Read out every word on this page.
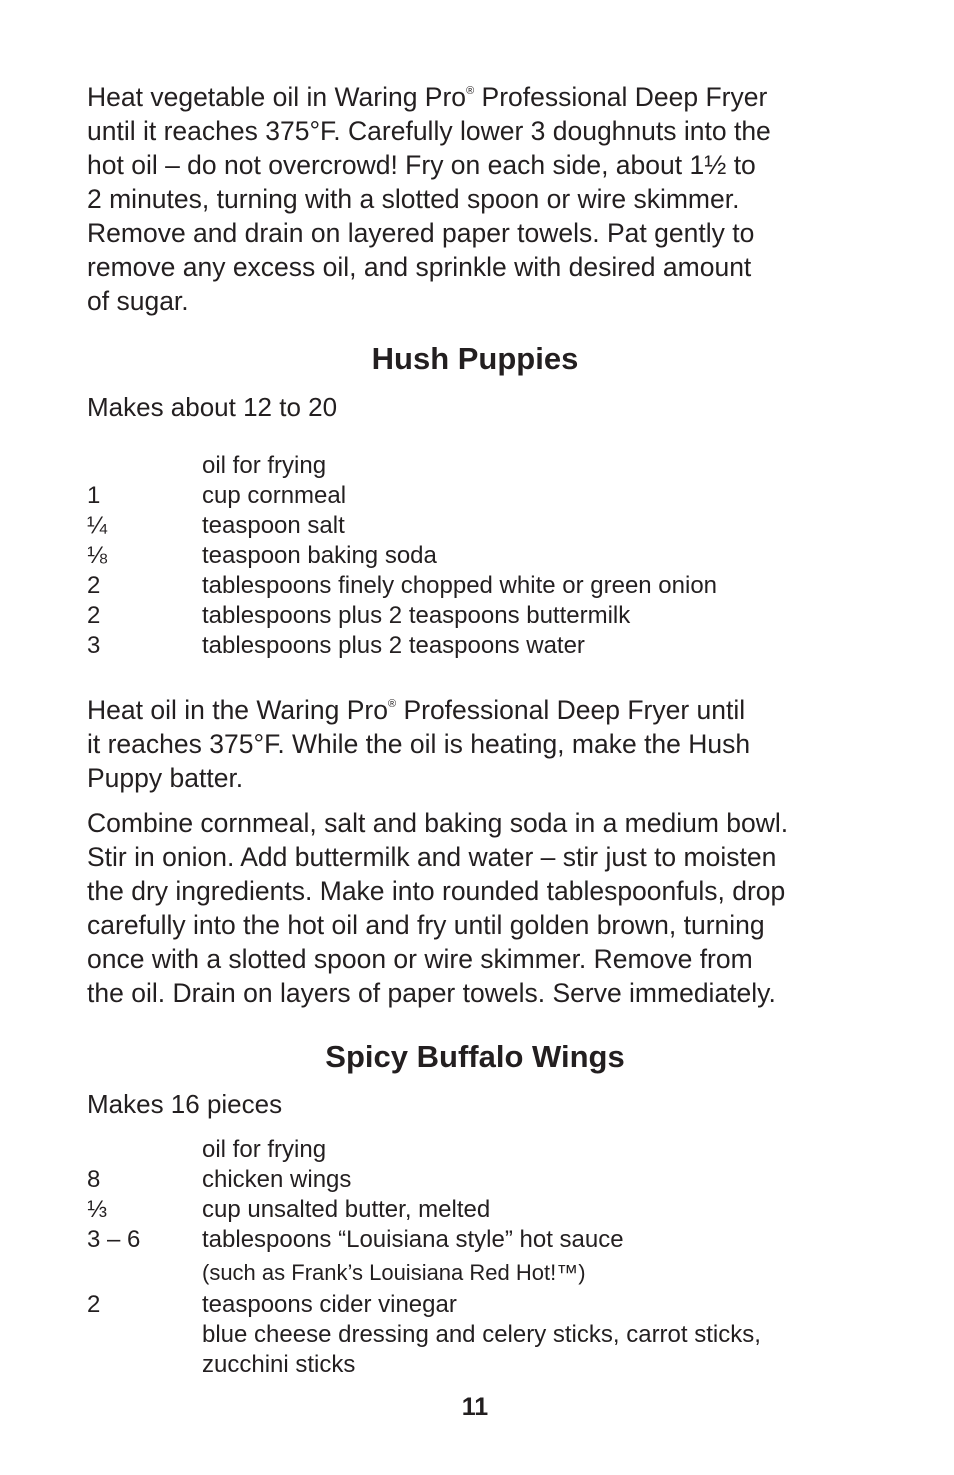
Heat vegetable oil in Waring Pro® Professional Deep Fryer
until it reaches 375°F. Carefully lower 3 doughnuts into the
hot oil – do not overcrowd! Fry on each side, about 1½ to
2 minutes, turning with a slotted spoon or wire skimmer.
Remove and drain on layered paper towels. Pat gently to
remove any excess oil, and sprinkle with desired amount
of sugar.

Hush Puppies

Makes about 12 to 20

oil for frying
1	cup cornmeal
¼	teaspoon salt
⅛	teaspoon baking soda
2	tablespoons finely chopped white or green onion
2	tablespoons plus 2 teaspoons buttermilk
3	tablespoons plus 2 teaspoons water

Heat oil in the Waring Pro® Professional Deep Fryer until
it reaches 375°F. While the oil is heating, make the Hush
Puppy batter.

Combine cornmeal, salt and baking soda in a medium bowl.
Stir in onion. Add buttermilk and water – stir just to moisten
the dry ingredients. Make into rounded tablespoonfuls, drop
carefully into the hot oil and fry until golden brown, turning
once with a slotted spoon or wire skimmer. Remove from
the oil. Drain on layers of paper towels. Serve immediately.

Spicy Buffalo Wings

Makes 16 pieces

oil for frying
8	chicken wings
⅓	cup unsalted butter, melted
3 – 6	tablespoons “Louisiana style” hot sauce
(such as Frank’s Louisiana Red Hot!™)
2	teaspoons cider vinegar
blue cheese dressing and celery sticks, carrot sticks,
zucchini sticks
11
